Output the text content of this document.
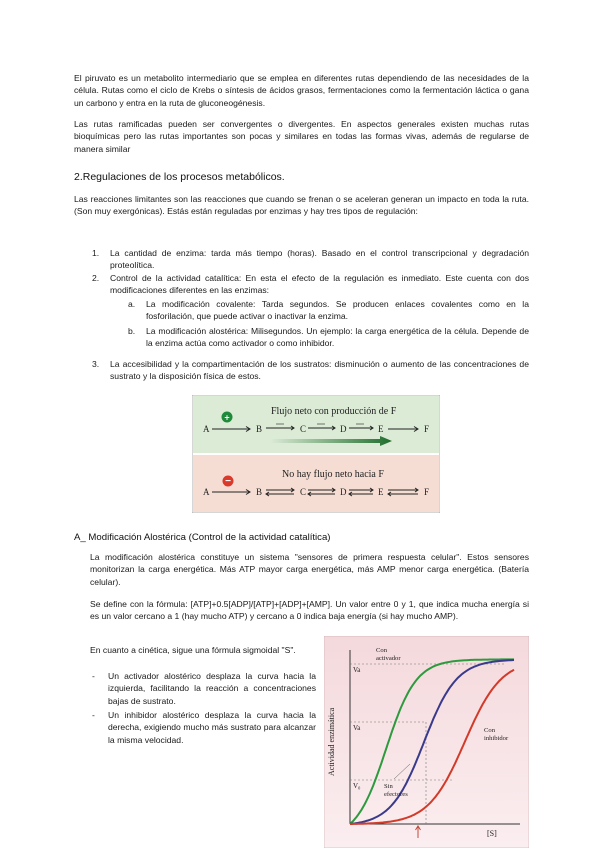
El piruvato es un metabolito intermediario que se emplea en diferentes rutas dependiendo de las necesidades de la célula. Rutas como el ciclo de Krebs o síntesis de ácidos grasos, fermentaciones como la fermentación láctica o gana un carbono y entra en la ruta de gluconeogénesis.

Las rutas ramificadas pueden ser convergentes o divergentes. En aspectos generales existen muchas rutas bioquímicas pero las rutas importantes son pocas y similares en todas las formas vivas, además de regularse de manera similar

2.Regulaciones de los procesos metabólicos.

Las reacciones limitantes son las reacciones que cuando se frenan o se aceleran generan un impacto en toda la ruta. (Son muy exergónicas). Estás están reguladas por enzimas y hay tres tipos de regulación:

1. La cantidad de enzima: tarda más tiempo (horas). Basado en el control transcripcional y degradación proteolítica.

2. Control de la actividad catalítica: En esta el efecto de la regulación es inmediato. Este cuenta con dos modificaciones diferentes en las enzimas:

a. La modificación covalente: Tarda segundos. Se producen enlaces covalentes como en la fosforilación, que puede activar o inactivar la enzima.

b. La modificación alostérica: Milisegundos. Un ejemplo: la carga energética de la célula. Depende de la enzima actúa como activador o como inhibidor.

3. La accesibilidad y la compartimentación de los sustratos: disminución o aumento de las concentraciones de sustrato y la disposición física de estos.

Flujo neto con producción de F
+
A	B	C	D	E	F
No hay flujo neto hacia F
−
A	B	C	D	E	F

A_ Modificación Alostérica (Control de la actividad catalítica)

La modificación alostérica constituye un sistema "sensores de primera respuesta celular". Estos sensores monitorizan la carga energética. Más ATP mayor carga energética, más AMP menor carga energética. (Batería celular).

Se define con la fórmula: [ATP]+0.5[ADP]/[ATP]+[ADP]+[AMP]. Un valor entre 0 y 1, que indica mucha energía si es un valor cercano a 1 (hay mucho ATP) y cercano a 0 indica baja energía (si hay mucho AMP).

En cuanto a cinética, sigue una fórmula sigmoidal "S".

- Un activador alostérico desplaza la curva hacia la izquierda, facilitando la reacción a concentraciones bajas de sustrato.

- Un inhibidor alostérico desplaza la curva hacia la derecha, exigiendo mucho más sustrato para alcanzar la misma velocidad.	Actividad enzimática
Va
Va
V₀
[S]
Con activador
Sin efectores
Con inhibidor
